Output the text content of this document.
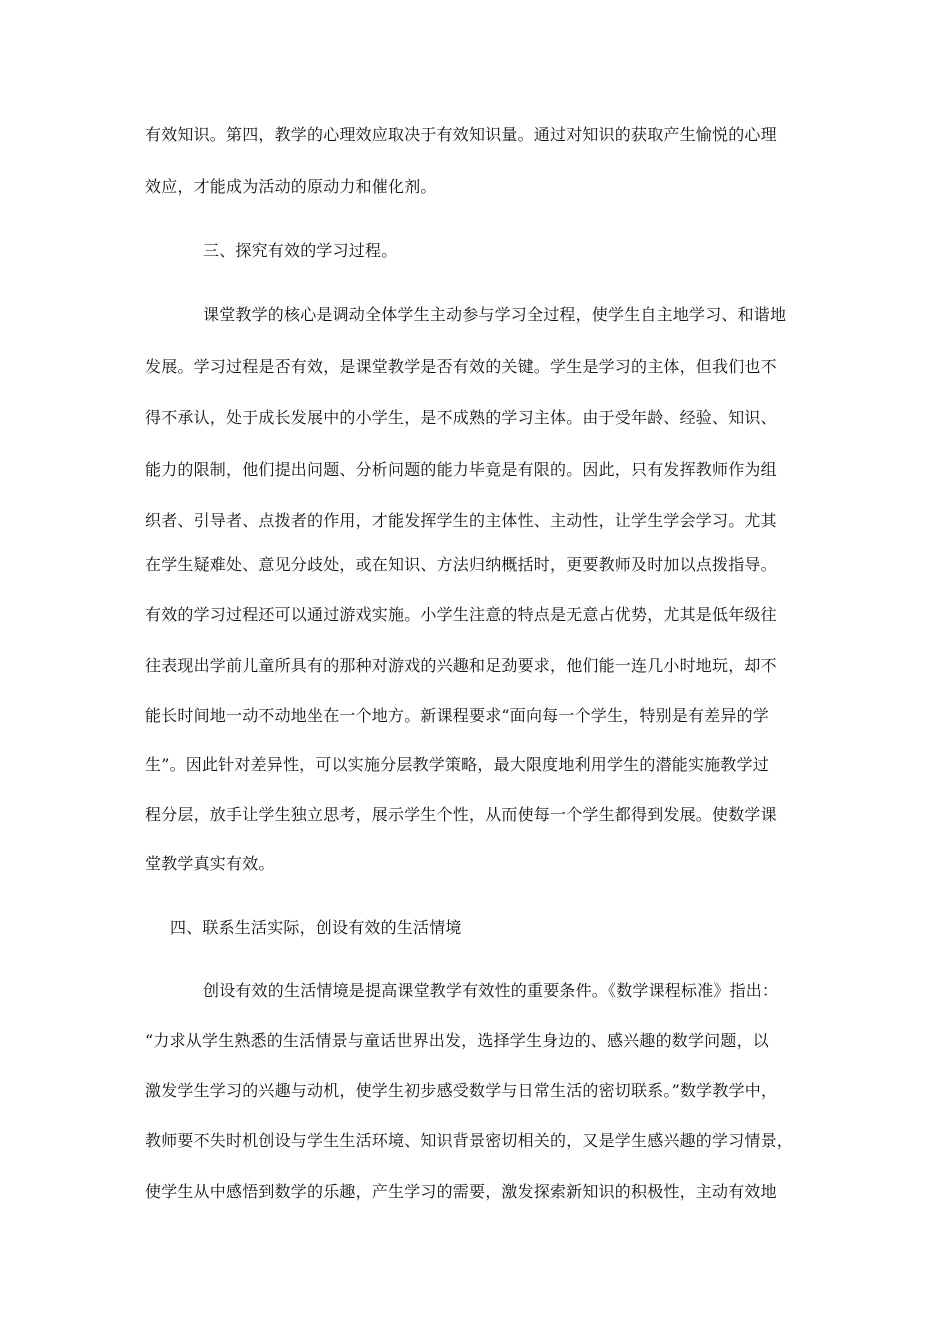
有效知识。第四，教学的心理效应取决于有效知识量。通过对知识的获取产生愉悦的心理
效应，才能成为活动的原动力和催化剂。
三、探究有效的学习过程。
课堂教学的核心是调动全体学生主动参与学习全过程，使学生自主地学习、和谐地
发展。学习过程是否有效，是课堂教学是否有效的关键。学生是学习的主体，但我们也不
得不承认，处于成长发展中的小学生，是不成熟的学习主体。由于受年龄、经验、知识、
能力的限制，他们提出问题、分析问题的能力毕竟是有限的。因此，只有发挥教师作为组
织者、引导者、点拨者的作用，才能发挥学生的主体性、主动性，让学生学会学习。尤其
在学生疑难处、意见分歧处，或在知识、方法归纳概括时，更要教师及时加以点拨指导。
有效的学习过程还可以通过游戏实施。小学生注意的特点是无意占优势，尤其是低年级往
往表现出学前儿童所具有的那种对游戏的兴趣和足劲要求，他们能一连几小时地玩，却不
能长时间地一动不动地坐在一个地方。新课程要求“面向每一个学生，特别是有差异的学
生”。因此针对差异性，可以实施分层教学策略，最大限度地利用学生的潜能实施教学过
程分层，放手让学生独立思考，展示学生个性，从而使每一个学生都得到发展。使数学课
堂教学真实有效。
四、联系生活实际，创设有效的生活情境
创设有效的生活情境是提高课堂教学有效性的重要条件。《数学课程标准》指出：
“力求从学生熟悉的生活情景与童话世界出发，选择学生身边的、感兴趣的数学问题，以
激发学生学习的兴趣与动机，使学生初步感受数学与日常生活的密切联系。”数学教学中，
教师要不失时机创设与学生生活环境、知识背景密切相关的，又是学生感兴趣的学习情景，
使学生从中感悟到数学的乐趣，产生学习的需要，激发探索新知识的积极性，主动有效地
